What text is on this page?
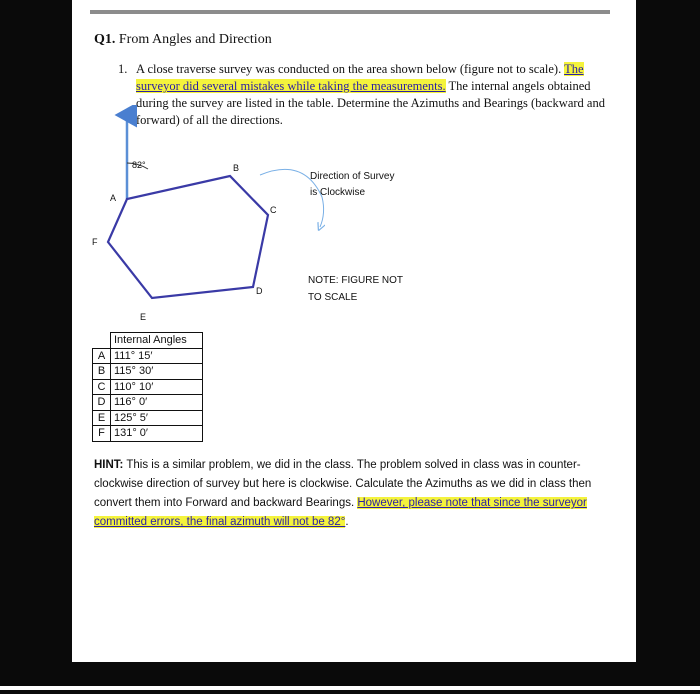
Q1. From Angles and Direction
1. A close traverse survey was conducted on the area shown below (figure not to scale). The surveyor did several mistakes while taking the measurements. The internal angels obtained during the survey are listed in the table. Determine the Azimuths and Bearings (backward and forward) of all the directions.
82°
A
B
C
D
E
F
Direction of Survey
is Clockwise
NOTE: FIGURE NOT
TO SCALE
	Internal Angles
A	111° 15′
B	115° 30′
C	110° 10′
D	116° 0′
E	125° 5′
F	131° 0′
HINT: This is a similar problem, we did in the class. The problem solved in class was in counter-clockwise direction of survey but here is clockwise. Calculate the Azimuths as we did in class then convert them into Forward and backward Bearings. However, please note that since the surveyor committed errors, the final azimuth will not be 82°.
